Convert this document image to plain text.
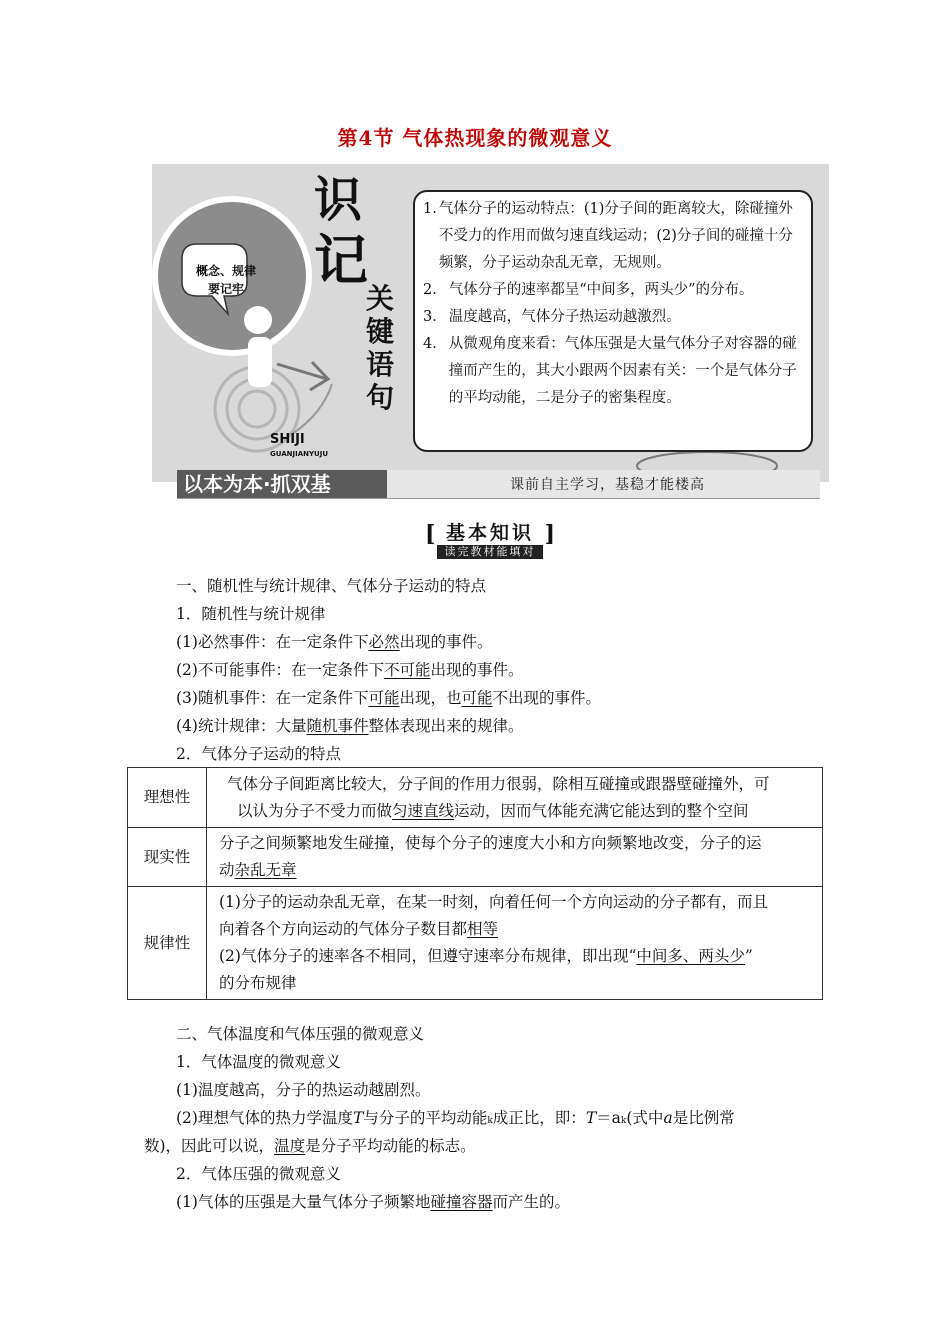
第4节 气体热现象的微观意义
概念、规律
要记牢
识
记
关
键
语
句
SHIJI
GUANJIANYUJU
1. 气体分子的运动特点：(1)分子间的距离较大，除碰撞外不受力的作用而做匀速直线运动；(2)分子间的碰撞十分频繁，分子运动杂乱无章，无规则。
2． 气体分子的速率都呈“中间多，两头少”的分布。
3． 温度越高，气体分子热运动越激烈。
4． 从微观角度来看：气体压强是大量气体分子对容器的碰撞而产生的，其大小跟两个因素有关：一个是气体分子的平均动能，二是分子的密集程度。
以本为本·抓双基	课前自主学习，基稳才能楼高
[ 基本知识
读完教材能填对
]
一、随机性与统计规律、气体分子运动的特点
1．随机性与统计规律
(1)必然事件：在一定条件下必然出现的事件。
(2)不可能事件：在一定条件下不可能出现的事件。
(3)随机事件：在一定条件下可能出现，也可能不出现的事件。
(4)统计规律：大量随机事件整体表现出来的规律。
2．气体分子运动的特点
理想性	气体分子间距离比较大，分子间的作用力很弱，除相互碰撞或跟器壁碰撞外，可
以认为分子不受力而做匀速直线运动，因而气体能充满它能达到的整个空间

现实性	分子之间频繁地发生碰撞，使每个分子的速度大小和方向频繁地改变，分子的运
动杂乱无章

规律性	(1)分子的运动杂乱无章，在某一时刻，向着任何一个方向运动的分子都有，而且
向着各个方向运动的气体分子数目都相等
(2)气体分子的速率各不相同，但遵守速率分布规律，即出现“中间多、两头少”
的分布规律
二、气体温度和气体压强的微观意义
1．气体温度的微观意义
(1)温度越高，分子的热运动越剧烈。
(2)理想气体的热力学温度T与分子的平均动能k成正比，即：T＝ak(式中a是比例常
数)，因此可以说，温度是分子平均动能的标志。
2．气体压强的微观意义
(1)气体的压强是大量气体分子频繁地碰撞容器而产生的。
